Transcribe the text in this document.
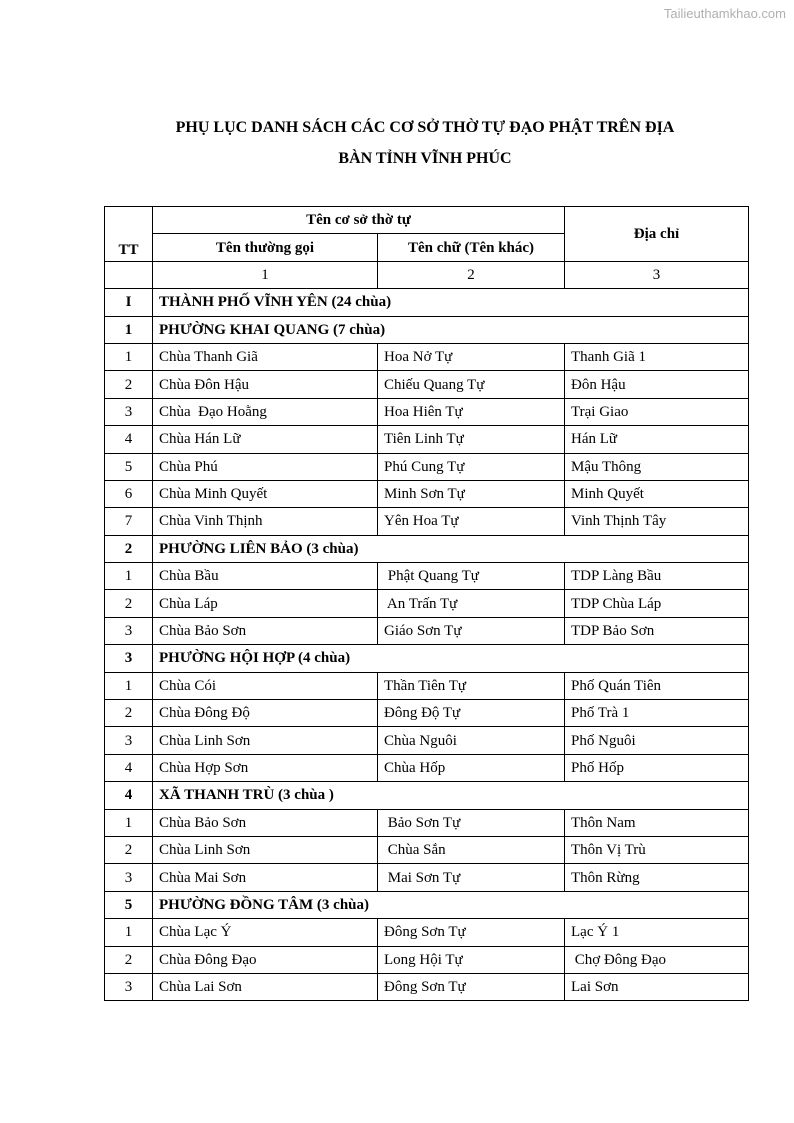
Tailieuthamkhao.com
PHỤ LỤC DANH SÁCH CÁC CƠ SỞ THỜ TỰ ĐẠO PHẬT TRÊN ĐỊA
BÀN TỈNH VĨNH PHÚC
TT	Tên cơ sở thờ tự		Địa chỉ
	Tên thường gọi	Tên chữ (Tên khác)	
	1	2	3
I	THÀNH PHỐ VĨNH YÊN (24 chùa)		
1	PHƯỜNG KHAI QUANG (7 chùa)		
1	Chùa Thanh Giã	Hoa Nở Tự	Thanh Giã 1
2	Chùa Đôn Hậu	Chiếu Quang Tự	Đôn Hậu
3	Chùa  Đạo Hoằng	Hoa Hiên Tự	Trại Giao
4	Chùa Hán Lữ	Tiên Linh Tự	Hán Lữ
5	Chùa Phú	Phú Cung Tự	Mậu Thông
6	Chùa Minh Quyết	Minh Sơn Tự	Minh Quyết
7	Chùa Vinh Thịnh	Yên Hoa Tự	Vinh Thịnh Tây
2	PHƯỜNG LIÊN BẢO (3 chùa)		
1	Chùa Bầu	Phật Quang Tự	TDP Làng Bầu
2	Chùa Láp	An Trấn Tự	TDP Chùa Láp
3	Chùa Bảo Sơn	Giáo Sơn Tự	TDP Bảo Sơn
3	PHƯỜNG HỘI HỢP (4 chùa)		
1	Chùa Cói	Thần Tiên Tự	Phố Quán Tiên
2	Chùa Đông Độ	Đông Độ Tự	Phố Trà 1
3	Chùa Linh Sơn	Chùa Nguôi	Phố Nguôi
4	Chùa Hợp Sơn	Chùa Hốp	Phố Hốp
4	XÃ THANH TRÙ (3 chùa )		
1	Chùa Bảo Sơn	Bảo Sơn Tự	Thôn Nam
2	Chùa Linh Sơn	Chùa Sắn	Thôn Vị Trù
3	Chùa Mai Sơn	Mai Sơn Tự	Thôn Rừng
5	PHƯỜNG ĐỒNG TÂM (3 chùa)		
1	Chùa Lạc Ý	Đông Sơn Tự	Lạc Ý 1
2	Chùa Đông Đạo	Long Hội Tự	Chợ Đông Đạo
3	Chùa Lai Sơn	Đông Sơn Tự	Lai Sơn
